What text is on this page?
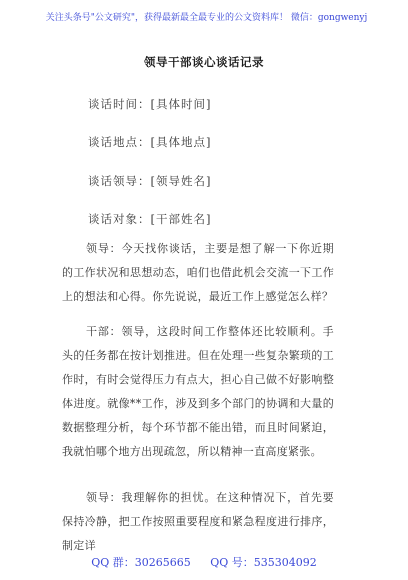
关注头条号"公文研究"，获得最新最全最专业的公文资料库！ 微信：gongwenyj
领导干部谈心谈话记录
谈话时间：[具体时间]
谈话地点：[具体地点]
谈话领导：[领导姓名]
谈话对象：[干部姓名]
领导：今天找你谈话，主要是想了解一下你近期的工作状况和思想动态，咱们也借此机会交流一下工作上的想法和心得。你先说说，最近工作上感觉怎么样？
干部：领导，这段时间工作整体还比较顺利。手头的任务都在按计划推进。但在处理一些复杂繁琐的工作时，有时会觉得压力有点大，担心自己做不好影响整体进度。就像**工作，涉及到多个部门的协调和大量的数据整理分析，每个环节都不能出错，而且时间紧迫，我就怕哪个地方出现疏忽，所以精神一直高度紧张。
领导：我理解你的担忧。在这种情况下，首先要保持冷静，把工作按照重要程度和紧急程度进行排序，制定详
QQ 群：30265665 QQ 号：535304092
